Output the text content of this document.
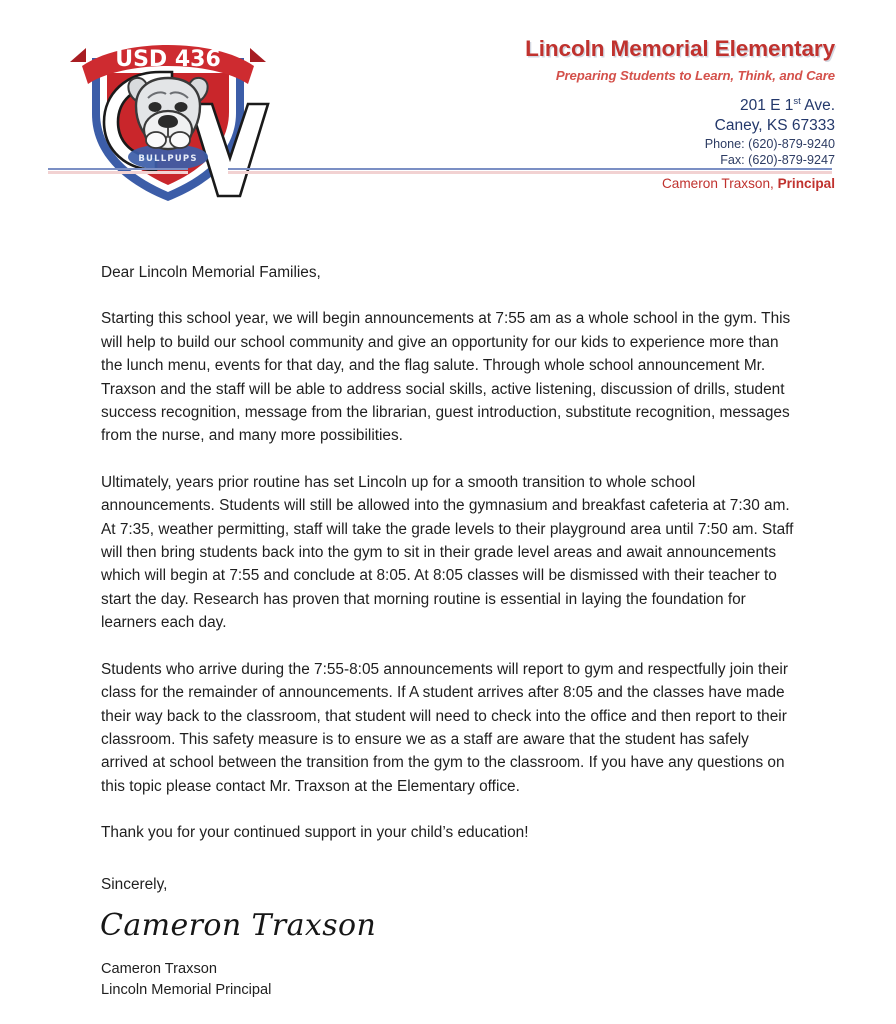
BULLPUPS
USD 436	Lincoln Memorial Elementary
Preparing Students to Learn, Think, and Care
201 E 1st Ave.
Caney, KS 67333
Phone: (620)-879-9240
Fax: (620)-879-9247
Cameron Traxson, Principal

Dear Lincoln Memorial Families,

Starting this school year, we will begin announcements at 7:55 am as a whole school in the gym. This will help to build our school community and give an opportunity for our kids to experience more than the lunch menu, events for that day, and the flag salute. Through whole school announcement Mr. Traxson and the staff will be able to address social skills, active listening, discussion of drills, student success recognition, message from the librarian, guest introduction, substitute recognition, messages from the nurse, and many more possibilities.

Ultimately, years prior routine has set Lincoln up for a smooth transition to whole school announcements. Students will still be allowed into the gymnasium and breakfast cafeteria at 7:30 am. At 7:35, weather permitting, staff will take the grade levels to their playground area until 7:50 am. Staff will then bring students back into the gym to sit in their grade level areas and await announcements which will begin at 7:55 and conclude at 8:05. At 8:05 classes will be dismissed with their teacher to start the day. Research has proven that morning routine is essential in laying the foundation for learners each day.

Students who arrive during the 7:55-8:05 announcements will report to gym and respectfully join their class for the remainder of announcements. If A student arrives after 8:05 and the classes have made their way back to the classroom, that student will need to check into the office and then report to their classroom. This safety measure is to ensure we as a staff are aware that the student has safely arrived at school between the transition from the gym to the classroom. If you have any questions on this topic please contact Mr. Traxson at the Elementary office.

Thank you for your continued support in your child’s education!

Sincerely,
Cameron Traxson
Cameron Traxson
Lincoln Memorial Principal
